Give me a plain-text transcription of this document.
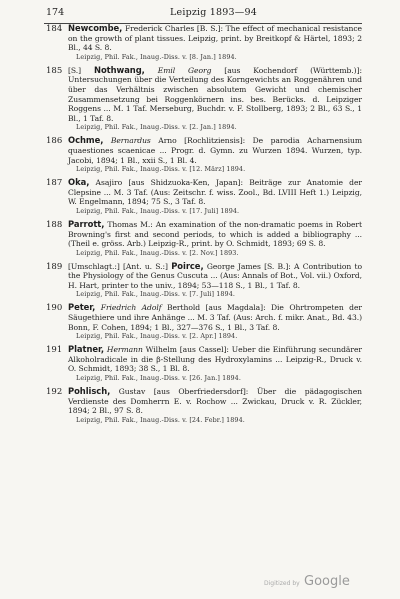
174	Leipzig 1893—94
184 Newcombe, Frederick Charles [B. S.]: The effect of mechanical resistance on the growth of plant tissues. Leipzig, print. by Breitkopf & Härtel, 1893; 2 Bl., 44 S. 8.
Leipzig, Phil. Fak., Inaug.-Diss. v. [8. Jan.] 1894.
185 [S.] Nothwang, Emil Georg [aus Kochendorf (Württemb.)]: Untersuchungen über die Verteilung des Korngewichts an Roggenähren und über das Verhältnis zwischen absolutem Gewicht und chemischer Zusammensetzung bei Roggenkörnern ins. bes. Berücks. d. Leipziger Roggens ... M. 1 Taf. Merseburg, Buchdr. v. F. Stollberg, 1893; 2 Bl., 63 S., 1 Bl., 1 Taf. 8.
Leipzig, Phil. Fak., Inaug.-Diss. v. [2. Jan.] 1894.
186 Ochme, Bernardus Arno [Rochlitziensis]: De parodia Acharnensium quaestiones scaenicae ... Progr. d. Gymn. zu Wurzen 1894. Wurzen, typ. Jacobi, 1894; 1 Bl., xxii S., 1 Bl. 4.
Leipzig, Phil. Fak., Inaug.-Diss. v. [12. März] 1894.
187 Oka, Asajiro [aus Shidzuoka-Ken, Japan]: Beiträge zur Anatomie der Clepsine ... M. 3 Taf. (Aus: Zeitschr. f. wiss. Zool., Bd. LVIII Heft 1.) Leipzig, W. Engelmann, 1894; 75 S., 3 Taf. 8.
Leipzig, Phil. Fak., Inaug.-Diss. v. [17. Juli] 1894.
188 Parrott, Thomas M.: An examination of the non-dramatic poems in Robert Browning's first and second periods, to which is added a bibliography ... (Theil e. gröss. Arb.) Leipzig-R., print. by O. Schmidt, 1893; 69 S. 8.
Leipzig, Phil. Fak., Inaug.-Diss. v. [2. Nov.] 1893.
189 [Umschlagt.:] [Ant. u. S.:] Poirce, George James [S. B.]: A Contribution to the Physiology of the Genus Cuscuta ... (Aus: Annals of Bot., Vol. vii.) Oxford, H. Hart, printer to the univ., 1894; 53—118 S., 1 Bl., 1 Taf. 8.
Leipzig, Phil. Fak., Inaug.-Diss. v. [7. Juli] 1894.
190 Peter, Friedrich Adolf Berthold [aus Magdala]: Die Ohrtrompeten der Säugethiere und ihre Anhänge ... M. 3 Taf. (Aus: Arch. f. mikr. Anat., Bd. 43.) Bonn, F. Cohen, 1894; 1 Bl., 327—376 S., 1 Bl., 3 Taf. 8.
Leipzig, Phil. Fak., Inaug.-Diss. v. [2. Apr.] 1894.
191 Platner, Hermann Wilhelm [aus Cassel]: Ueber die Einführung secundärer Alkoholradicale in die β-Stellung des Hydroxylamins ... Leipzig-R., Druck v. O. Schmidt, 1893; 38 S., 1 Bl. 8.
Leipzig, Phil. Fak., Inaug.-Diss. v. [26. Jan.] 1894.
192 Pohlisch, Gustav [aus Oberfriedersdorf]: Über die pädagogischen Verdienste des Domherrn E. v. Rochow ... Zwickau, Druck v. R. Zückler, 1894; 2 Bl., 97 S. 8.
Leipzig, Phil. Fak., Inaug.-Diss. v. [24. Febr.] 1894.
Digitized by Google
